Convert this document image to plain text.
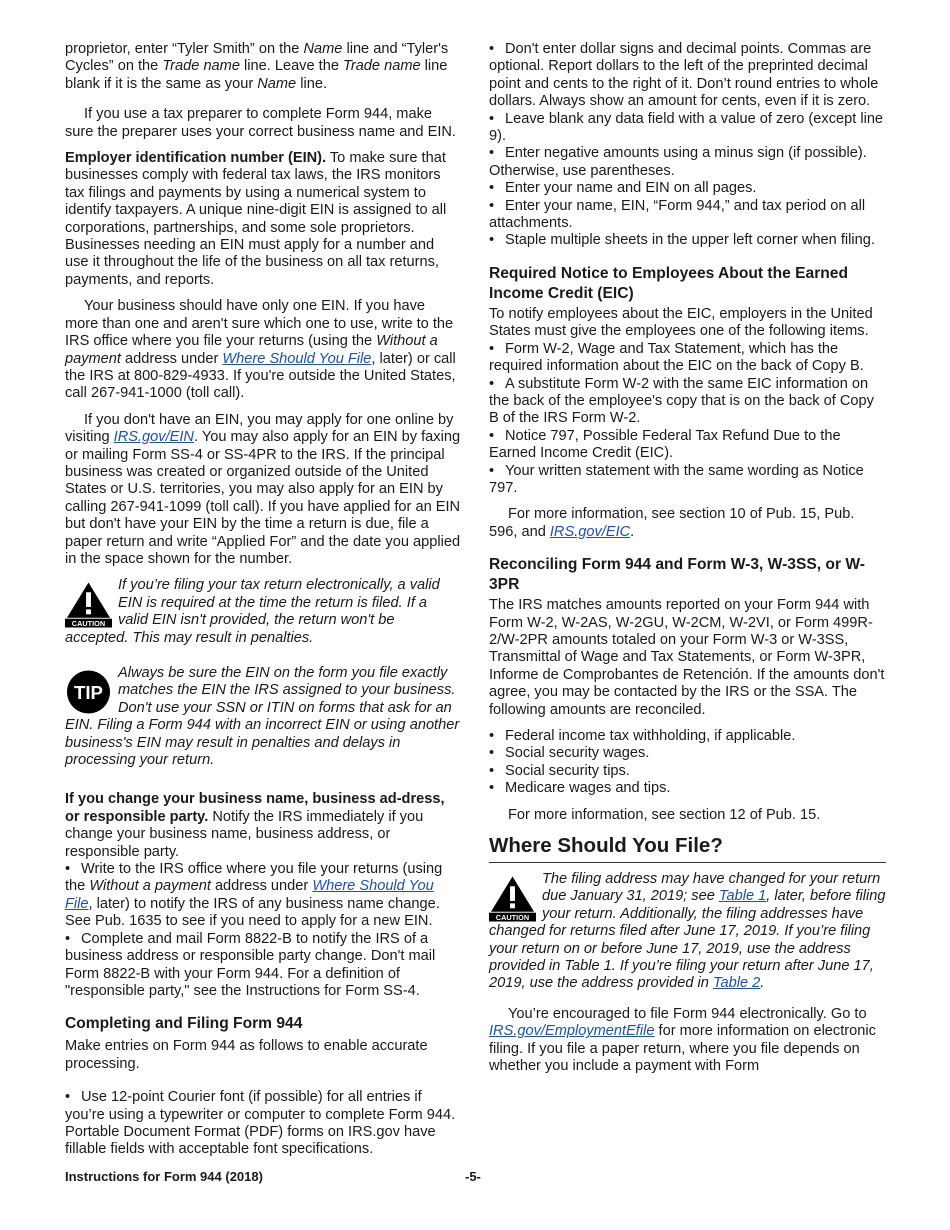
proprietor, enter “Tyler Smith” on the Name line and “Tyler's Cycles” on the Trade name line. Leave the Trade name line blank if it is the same as your Name line.

If you use a tax preparer to complete Form 944, make sure the preparer uses your correct business name and EIN.

Employer identification number (EIN). To make sure that businesses comply with federal tax laws, the IRS monitors tax filings and payments by using a numerical system to identify taxpayers. A unique nine-digit EIN is assigned to all corporations, partnerships, and some sole proprietors. Businesses needing an EIN must apply for a number and use it throughout the life of the business on all tax returns, payments, and reports.

Your business should have only one EIN. If you have more than one and aren't sure which one to use, write to the IRS office where you file your returns (using the Without a payment address under Where Should You File, later) or call the IRS at 800-829-4933. If you're outside the United States, call 267-941-1000 (toll call).

If you don't have an EIN, you may apply for one online by visiting IRS.gov/EIN. You may also apply for an EIN by faxing or mailing Form SS-4 or SS-4PR to the IRS. If the principal business was created or organized outside of the United States or U.S. territories, you may also apply for an EIN by calling 267-941-1099 (toll call). If you have applied for an EIN but don't have your EIN by the time a return is due, file a paper return and write “Applied For” and the date you applied in the space shown for the number.

CAUTION
If you’re filing your tax return electronically, a valid EIN is required at the time the return is filed. If a valid EIN isn't provided, the return won't be accepted. This may result in penalties.
TIP
Always be sure the EIN on the form you file exactly matches the EIN the IRS assigned to your business. Don't use your SSN or ITIN on forms that ask for an EIN. Filing a Form 944 with an incorrect EIN or using another business's EIN may result in penalties and delays in processing your return.

If you change your business name, business ad-dress, or responsible party. Notify the IRS immediately if you change your business name, business address, or responsible party.

• Write to the IRS office where you file your returns (using the Without a payment address under Where Should You File, later) to notify the IRS of any business name change. See Pub. 1635 to see if you need to apply for a new EIN.

• Complete and mail Form 8822-B to notify the IRS of a business address or responsible party change. Don't mail Form 8822-B with your Form 944. For a definition of "responsible party," see the Instructions for Form SS-4.

Completing and Filing Form 944

Make entries on Form 944 as follows to enable accurate processing.

• Use 12-point Courier font (if possible) for all entries if you’re using a typewriter or computer to complete Form 944. Portable Document Format (PDF) forms on IRS.gov have fillable fields with acceptable font specifications.

• Don't enter dollar signs and decimal points. Commas are optional. Report dollars to the left of the preprinted decimal point and cents to the right of it. Don’t round entries to whole dollars. Always show an amount for cents, even if it is zero.

• Leave blank any data field with a value of zero (except line 9).

• Enter negative amounts using a minus sign (if possible). Otherwise, use parentheses.

• Enter your name and EIN on all pages.

• Enter your name, EIN, “Form 944,” and tax period on all attachments.

• Staple multiple sheets in the upper left corner when filing.

Required Notice to Employees About the Earned Income Credit (EIC)

To notify employees about the EIC, employers in the United States must give the employees one of the following items.

• Form W-2, Wage and Tax Statement, which has the required information about the EIC on the back of Copy B.

• A substitute Form W-2 with the same EIC information on the back of the employee's copy that is on the back of Copy B of the IRS Form W-2.

• Notice 797, Possible Federal Tax Refund Due to the Earned Income Credit (EIC).

• Your written statement with the same wording as Notice 797.

For more information, see section 10 of Pub. 15, Pub. 596, and IRS.gov/EIC.

Reconciling Form 944 and Form W-3, W-3SS, or W-3PR

The IRS matches amounts reported on your Form 944 with Form W-2, W-2AS, W-2GU, W-2CM, W-2VI, or Form 499R-2/W-2PR amounts totaled on your Form W-3 or W-3SS, Transmittal of Wage and Tax Statements, or Form W-3PR, Informe de Comprobantes de Retención. If the amounts don't agree, you may be contacted by the IRS or the SSA. The following amounts are reconciled.

• Federal income tax withholding, if applicable.

• Social security wages.

• Social security tips.

• Medicare wages and tips.

For more information, see section 12 of Pub. 15.

Where Should You File?

CAUTION
The filing address may have changed for your return due January 31, 2019; see Table 1, later, before filing your return. Additionally, the filing addresses have changed for returns filed after June 17, 2019. If you’re filing your return on or before June 17, 2019, use the address provided in Table 1. If you’re filing your return after June 17, 2019, use the address provided in Table 2.

You’re encouraged to file Form 944 electronically. Go to IRS.gov/EmploymentEfile for more information on electronic filing. If you file a paper return, where you file depends on whether you include a payment with Form

Instructions for Form 944 (2018)	-5-
